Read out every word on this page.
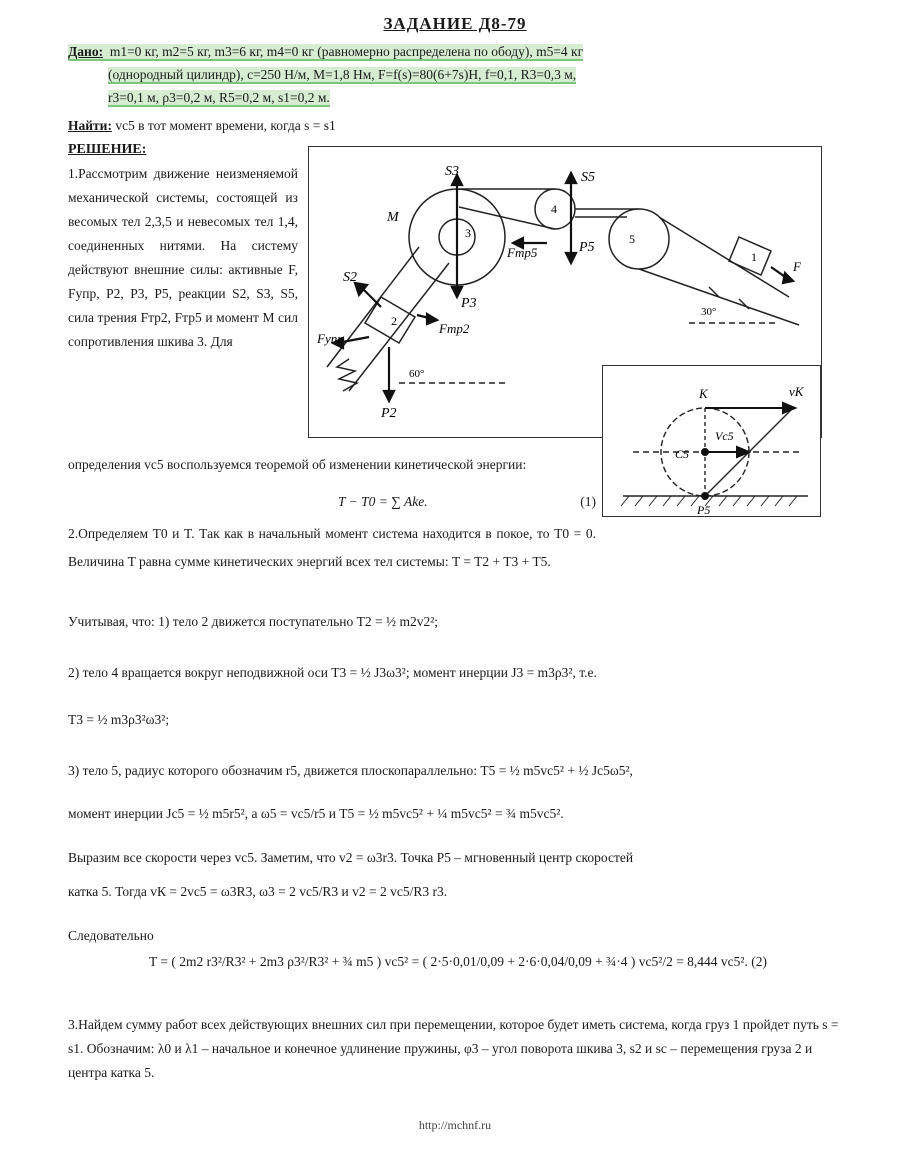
ЗАДАНИЕ Д8-79
Дано: m1=0 кг, m2=5 кг, m3=6 кг, m4=0 кг (равномерно распределена по ободу), m5=4 кг
(однородный цилиндр), c=250 Н/м, M=1,8 Нм, F=f(s)=80(6+7s)Н, f=0,1, R3=0,3 м,
r3=0,1 м, ρ3=0,2 м, R5=0,2 м, s1=0,2 м.
Найти: vс5 в тот момент времени, когда s = s1
РЕШЕНИЕ:
1.Рассмотрим движение неизменяемой механической системы, состоящей из весомых тел 2,3,5 и невесомых тел 1,4, соединенных нитями. На систему действуют внешние силы: активные F, Fупр, P2, P3, P5, реакции S2, S3, S5, сила трения Fтр2, Fтр5 и момент M сил сопротивления шкива 3. Для
S3	S5
S2
M
P3
P5
P2
Fтр5
Fтр2
Fупр
F
1
2
3
4
5
60°
30°
K	vK
Vc5
C5
P5
определения vс5 воспользуемся теоремой об изменении кинетической энергии:
T − T0 = ∑ Akе.	(1)
2.Определяем T0 и T. Так как в начальный момент система находится в покое, то T0 = 0. Величина T равна сумме кинетических энергий всех тел системы: T = T2 + T3 + T5.
Учитывая, что: 1) тело 2 движется поступательно T2 = ½ m2v2²;
2) тело 4 вращается вокруг неподвижной оси T3 = ½ J3ω3²; момент инерции J3 = m3ρ3², т.е.
T3 = ½ m3ρ3²ω3²;
3) тело 5, радиус которого обозначим r5, движется плоскопараллельно: T5 = ½ m5vс5² + ½ Jс5ω5²,
момент инерции Jс5 = ½ m5r5², а ω5 = vс5/r5 и T5 = ½ m5vс5² + ¼ m5vс5² = ¾ m5vс5².
Выразим все скорости через vс5. Заметим, что v2 = ω3r3. Точка P5 – мгновенный центр скоростей
катка 5. Тогда vК = 2vс5 = ω3R3, ω3 = 2 vс5/R3 и v2 = 2 vс5/R3 r3.
Следовательно
T = ( 2m2 r3²/R3² + 2m3 ρ3²/R3² + ¾ m5 ) vс5² = ( 2·5·0,01/0,09 + 2·6·0,04/0,09 + ¾·4 ) vс5²/2 = 8,444 vс5². (2)
3.Найдем сумму работ всех действующих внешних сил при перемещении, которое будет иметь система, когда груз 1 пройдет путь s = s1. Обозначим: λ0 и λ1 – начальное и конечное удлинение пружины, φ3 – угол поворота шкива 3, s2 и sc – перемещения груза 2 и центра катка 5.
http://mchnf.ru
